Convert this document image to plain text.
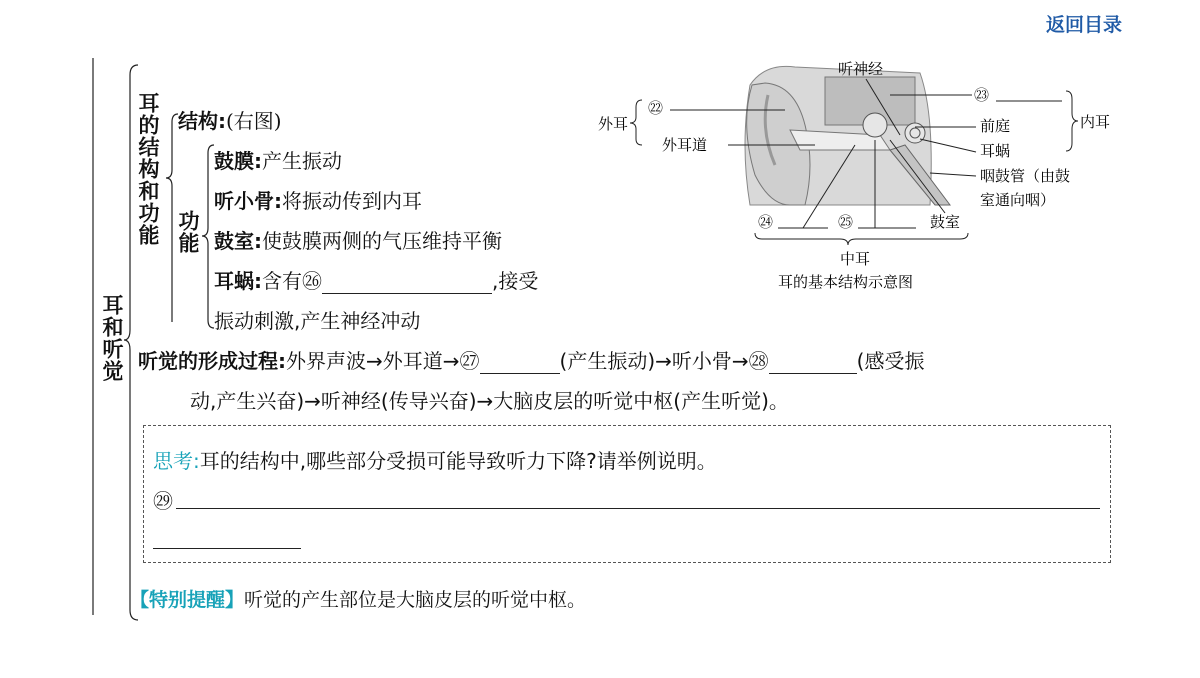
返回目录
耳和听觉
耳的结构和功能 结构:(右图)
功能
鼓膜:产生振动
听小骨:将振动传到内耳
鼓室:使鼓膜两侧的气压维持平衡
耳蜗:含有㉖	,接受
振动刺激,产生神经冲动
听觉的形成过程:外界声波→外耳道→㉗	(产生振动)→听小骨→㉘	(感受振
动,产生兴奋)→听神经(传导兴奋)→大脑皮层的听觉中枢(产生听觉)。
思考:耳的结构中,哪些部分受损可能导致听力下降?请举例说明。
㉙
【特别提醒】听觉的产生部位是大脑皮层的听觉中枢。
外耳
㉒
外耳道
听神经
㉓
前庭
耳蜗
咽鼓管（由鼓
室通向咽）
内耳
㉔	㉕	鼓室
中耳
耳的基本结构示意图
